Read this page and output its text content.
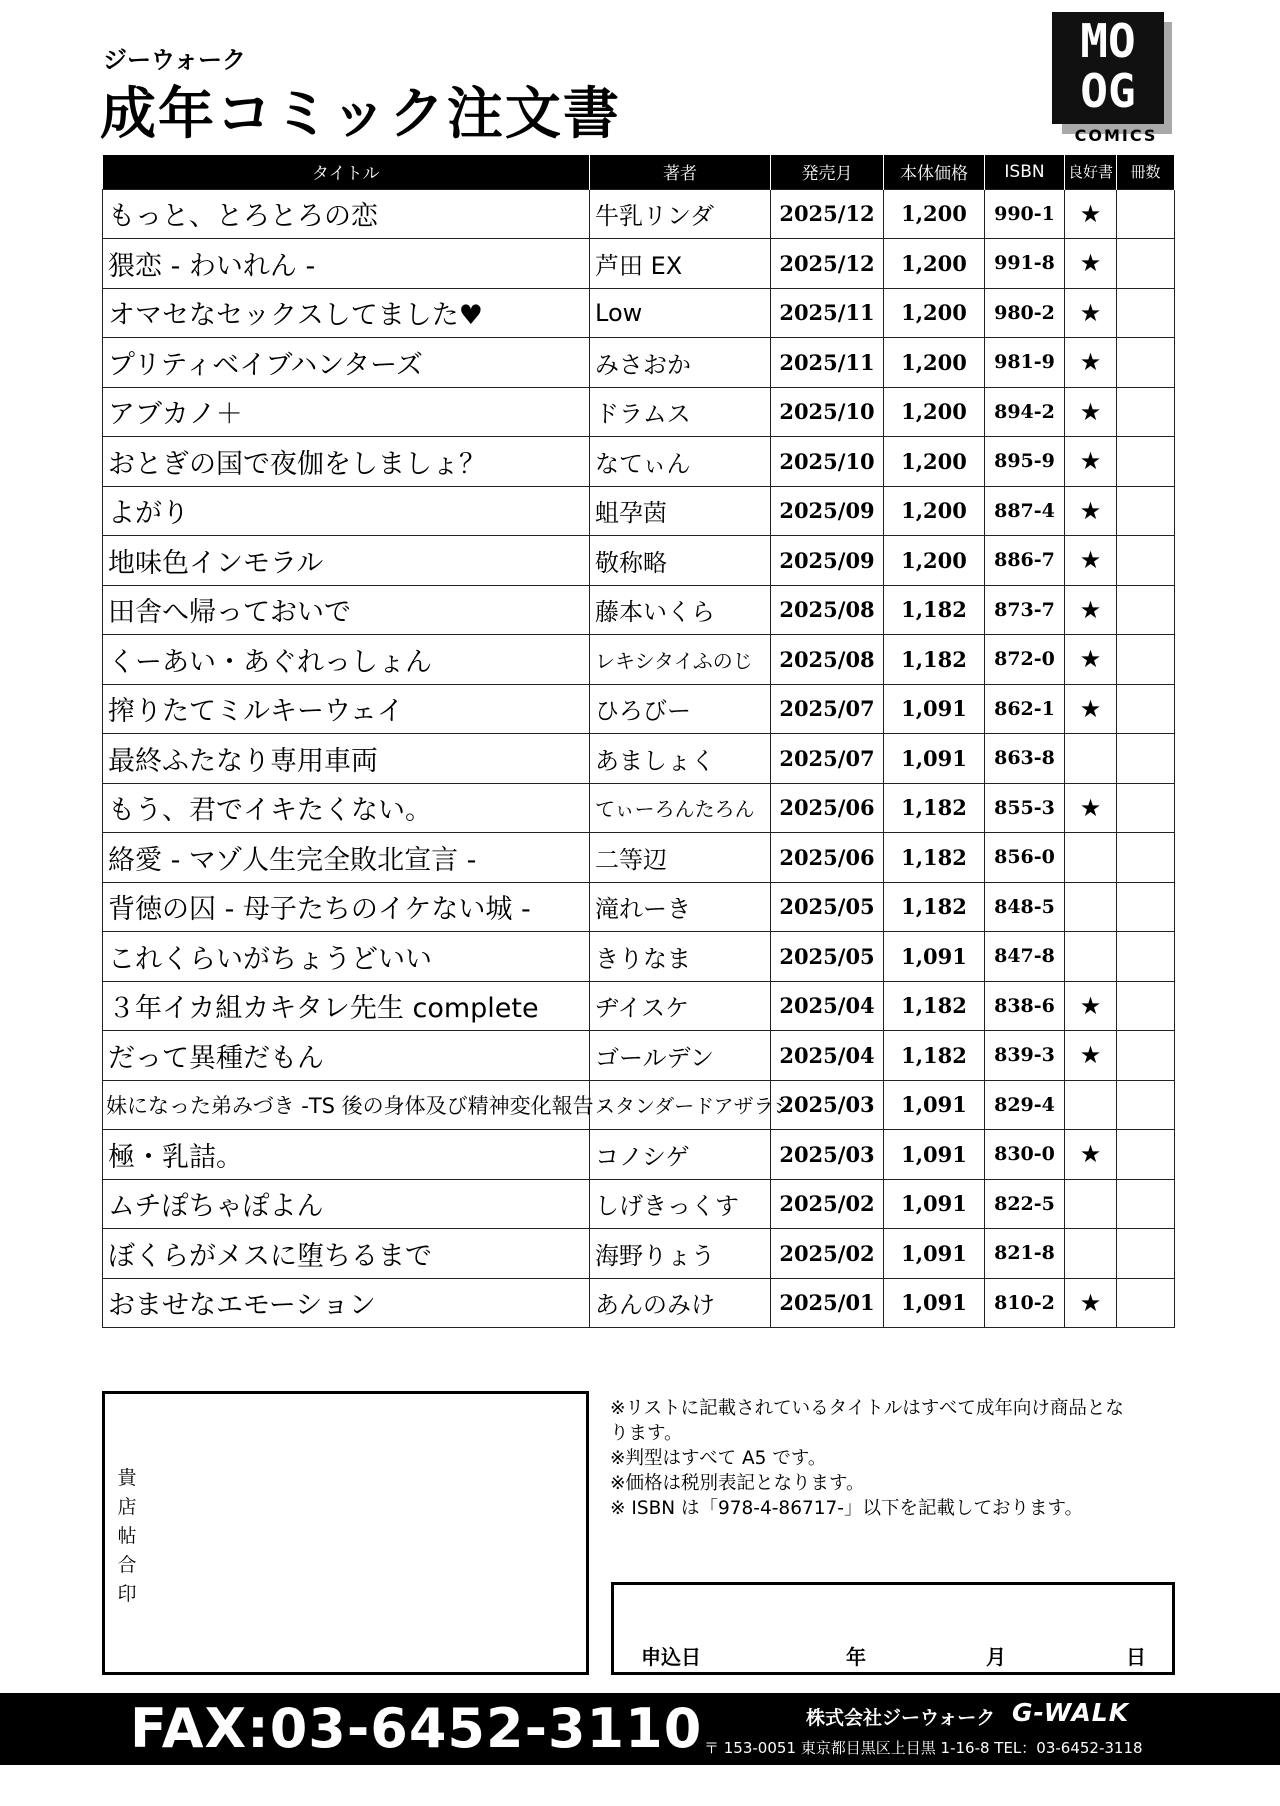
ジーウォーク
成年コミック注文書
MO
OG
COMICS
タイトル	著者	発売月	本体価格	ISBN	良好書	冊数
もっと、とろとろの恋	牛乳リンダ	2025/12	1,200	990-1	★	
猥恋 - わいれん -	芦田 EX	2025/12	1,200	991-8	★	
オマセなセックスしてました♥	Low	2025/11	1,200	980-2	★	
プリティベイブハンターズ	みさおか	2025/11	1,200	981-9	★	
アブカノ＋	ドラムス	2025/10	1,200	894-2	★	
おとぎの国で夜伽をしましょ？	なてぃん	2025/10	1,200	895-9	★	
よがり	蛆孕茵	2025/09	1,200	887-4	★	
地味色インモラル	敬称略	2025/09	1,200	886-7	★	
田舎へ帰っておいで	藤本いくら	2025/08	1,182	873-7	★	
くーあい・あぐれっしょん	レキシタイふのじ	2025/08	1,182	872-0	★	
搾りたてミルキーウェイ	ひろびー	2025/07	1,091	862-1	★	
最終ふたなり専用車両	あましょく	2025/07	1,091	863-8		
もう、君でイキたくない。	てぃーろんたろん	2025/06	1,182	855-3	★	
絡愛 - マゾ人生完全敗北宣言 -	二等辺	2025/06	1,182	856-0		
背徳の囚 - 母子たちのイケない城 -	滝れーき	2025/05	1,182	848-5		
これくらいがちょうどいい	きりなま	2025/05	1,091	847-8		
３年イカ組カキタレ先生 complete	ヂイスケ	2025/04	1,182	838-6	★	
だって異種だもん	ゴールデン	2025/04	1,182	839-3	★	
妹になった弟みづき -TS 後の身体及び精神変化報告 -	スタンダードアザラシ	2025/03	1,091	829-4		
極・乳詰。	コノシゲ	2025/03	1,091	830-0	★	
ムチぽちゃぽよん	しげきっくす	2025/02	1,091	822-5		
ぼくらがメスに堕ちるまで	海野りょう	2025/02	1,091	821-8		
おませなエモーション	あんのみけ	2025/01	1,091	810-2	★	
貴
店
帖
合
印
※リストに記載されているタイトルはすべて成年向け商品とな
ります。
※判型はすべて A5 です。
※価格は税別表記となります。
※ ISBN は「978-4-86717-」以下を記載しております。
申込日	年	月	日
FAX:03-6452-3110	株式会社ジーウォーク G-WALK
〒 153-0051 東京都目黒区上目黒 1-16-8 TEL：03-6452-3118
